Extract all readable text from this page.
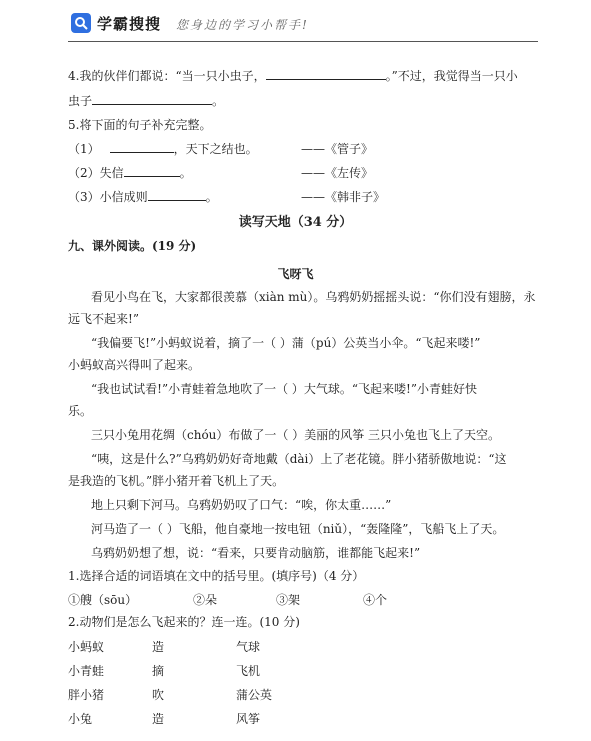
学霸搜搜 您身边的学习小帮手!
4.我的伙伴们都说：“当一只小虫子，	。”不过，我觉得当一只小
虫子	。
5.将下面的句子补充完整。
（1）	，天下之结也。	——《管子》
（2）失信	。	——《左传》
（3）小信成则	。	——《韩非子》
读写天地（34 分）
九、课外阅读。(19 分)
飞呀飞
看见小鸟在飞，大家都很羡慕（xiàn mù）。乌鸦奶奶摇摇头说：“你们没有翅膀，永
远飞不起来!”
“我偏要飞!”小蚂蚁说着，摘了一（ ）蒲（pú）公英当小伞。“飞起来喽!”
小蚂蚁高兴得叫了起来。
“我也试试看!”小青蛙着急地吹了一（ ）大气球。“飞起来喽!”小青蛙好快
乐。
三只小兔用花绸（chóu）布做了一（ ）美丽的风筝 三只小兔也飞上了天空。
“咦，这是什么?”乌鸦奶奶好奇地戴（dài）上了老花镜。胖小猪骄傲地说：“这
是我造的飞机。”胖小猪开着飞机上了天。
地上只剩下河马。乌鸦奶奶叹了口气：“唉，你太重……”
河马造了一（ ）飞船，他自豪地一按电钮（niǔ），“轰隆隆”，飞船飞上了天。
乌鸦奶奶想了想，说：“看来，只要肯动脑筋，谁都能飞起来!”
1.选择合适的词语填在文中的括号里。(填序号)（4 分）
①艘（sōu）	②朵	③架	④个
2.动物们是怎么飞起来的？连一连。(10 分)
小蚂蚁	造	气球
小青蛙	摘	飞机
胖小猪	吹	蒲公英
小兔	造	风筝
